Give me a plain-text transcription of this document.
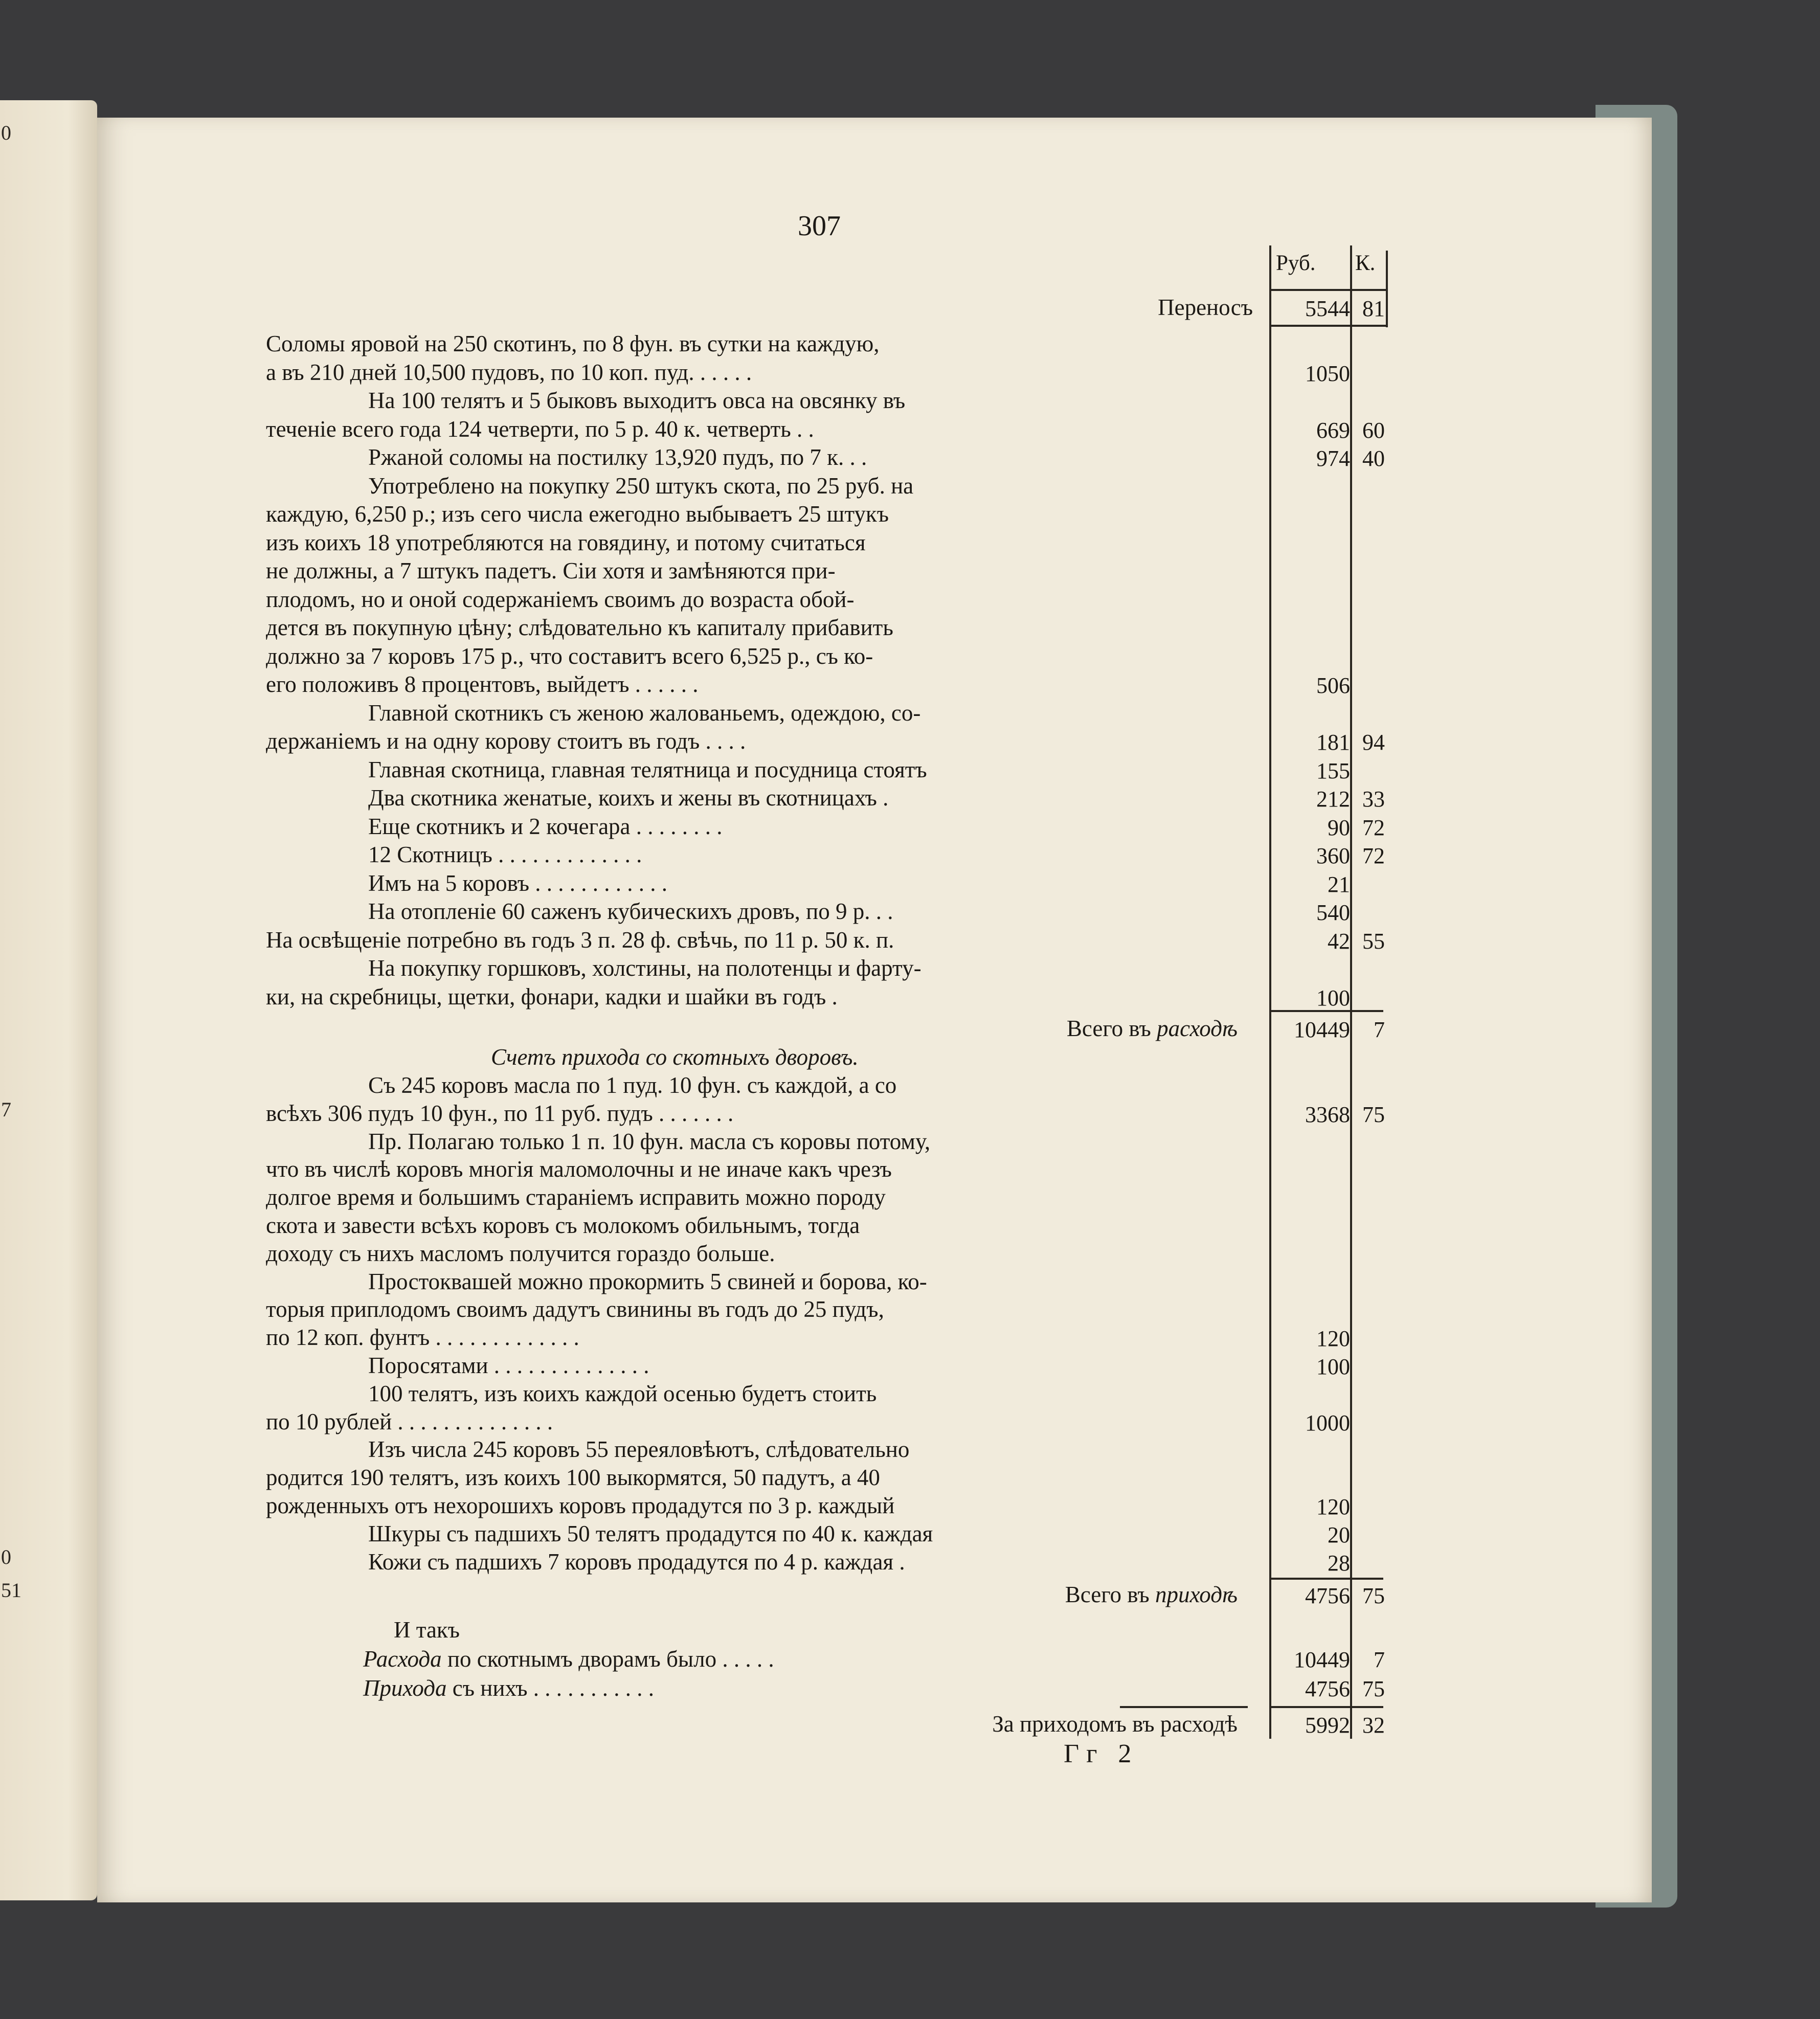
0
7
0
51
307
Руб. К.
Переносъ	5544 81
Соломы яровой на 250 скотинъ, по 8 фун. въ сутки на каждую,
а въ 210 дней 10,500 пудовъ, по 10 коп. пуд. . . . . .	1050
На 100 телятъ и 5 быковъ выходитъ овса на овсянку въ
теченіе всего года 124 четверти, по 5 р. 40 к. четверть . .	669 60
Ржаной соломы на постилку 13,920 пудъ, по 7 к. . .	974 40
Употреблено на покупку 250 штукъ скота, по 25 руб. на
каждую, 6,250 р.; изъ сего числа ежегодно выбываетъ 25 штукъ
изъ коихъ 18 употребляются на говядину, и потому считаться
не должны, а 7 штукъ падетъ. Сіи хотя и замѣняются при-
плодомъ, но и оной содержаніемъ своимъ до возраста обой-
дется въ покупную цѣну; слѣдовательно къ капиталу прибавить
должно за 7 коровъ 175 р., что составитъ всего 6,525 р., съ ко-
его положивъ 8 процентовъ, выйдетъ . . . . . .	506
Главной скотникъ съ женою жалованьемъ, одеждою, со-
держаніемъ и на одну корову стоитъ въ годъ . . . .	181 94
Главная скотница, главная телятница и посудница стоятъ	155
Два скотника женатые, коихъ и жены въ скотницахъ .	212 33
Еще скотникъ и 2 кочегара . . . . . . . .	90 72
12 Скотницъ . . . . . . . . . . . . .	360 72
Имъ на 5 коровъ . . . . . . . . . . . .	21
На отопленіе 60 саженъ кубическихъ дровъ, по 9 р. . .	540
На освѣщеніе потребно въ годъ 3 п. 28 ф. свѣчь, по 11 р. 50 к. п.	42 55
На покупку горшковъ, холстины, на полотенцы и фарту-
ки, на скребницы, щетки, фонари, кадки и шайки въ годъ .	100
Всего въ расходѣ	10449	7
Счетъ прихода со скотныхъ дворовъ.
Съ 245 коровъ масла по 1 пуд. 10 фун. съ каждой, а со
всѣхъ 306 пудъ 10 фун., по 11 руб. пудъ . . . . . . .	3368 75
Пр. Полагаю только 1 п. 10 фун. масла съ коровы потому,
что въ числѣ коровъ многія маломолочны и не иначе какъ чрезъ
долгое время и большимъ стараніемъ исправить можно породу
скота и завести всѣхъ коровъ съ молокомъ обильнымъ, тогда
доходу съ нихъ масломъ получится гораздо больше.
Простоквашей можно прокормить 5 свиней и борова, ко-
торыя приплодомъ своимъ дадутъ свинины въ годъ до 25 пудъ,
по 12 коп. фунтъ . . . . . . . . . . . . .	120
Поросятами . . . . . . . . . . . . . .	100
100 телятъ, изъ коихъ каждой осенью будетъ стоить
по 10 рублей . . . . . . . . . . . . . .	1000
Изъ числа 245 коровъ 55 переяловѣютъ, слѣдовательно
родится 190 телятъ, изъ коихъ 100 выкормятся, 50 падутъ, а 40
рожденныхъ отъ нехорошихъ коровъ продадутся по 3 р. каждый	120
Шкуры съ падшихъ 50 телятъ продадутся по 40 к. каждая	20
Кожи съ падшихъ 7 коровъ продадутся по 4 р. каждая .	28
Всего въ приходѣ	4756 75
И такъ
Расхода по скотнымъ дворамъ было . . . . .	10449	7
Прихода съ нихъ . . . . . . . . . . .	4756 75
За приходомъ въ расходѣ	5992 32
Гг 2
